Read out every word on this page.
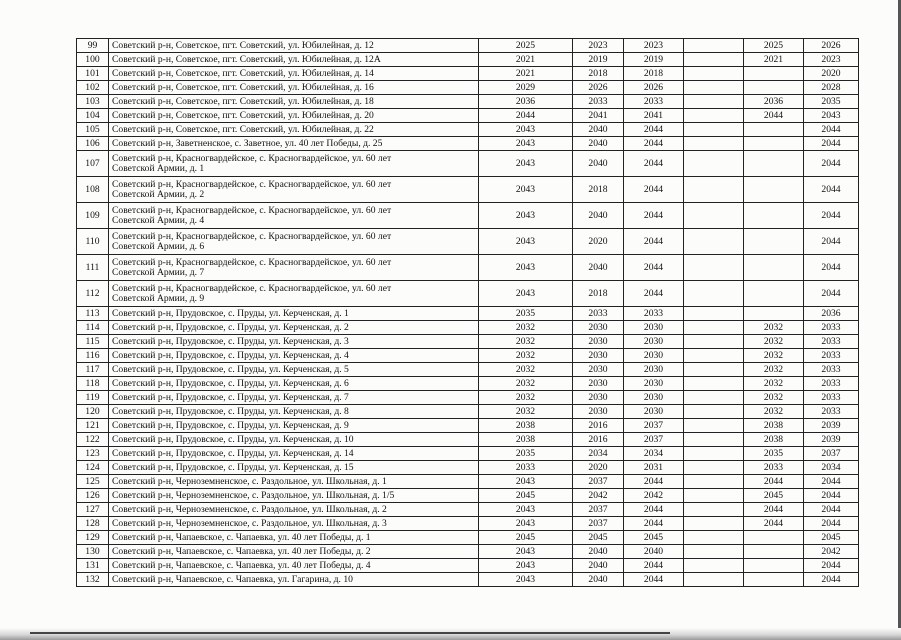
99	Советский р-н, Советское, пгт. Советский, ул. Юбилейная, д. 12	2025	2023	2023		2025	2026
100	Советский р-н, Советское, пгт. Советский, ул. Юбилейная, д. 12А	2021	2019	2019		2021	2023
101	Советский р-н, Советское, пгт. Советский, ул. Юбилейная, д. 14	2021	2018	2018			2020
102	Советский р-н, Советское, пгт. Советский, ул. Юбилейная, д. 16	2029	2026	2026			2028
103	Советский р-н, Советское, пгт. Советский, ул. Юбилейная, д. 18	2036	2033	2033		2036	2035
104	Советский р-н, Советское, пгт. Советский, ул. Юбилейная, д. 20	2044	2041	2041		2044	2043
105	Советский р-н, Советское, пгт. Советский, ул. Юбилейная, д. 22	2043	2040	2044			2044
106	Советский р-н, Заветненское, с. Заветное, ул. 40 лет Победы, д. 25	2043	2040	2044			2044
107	Советский р-н, Красногвардейское, с. Красногвардейское, ул. 60 лет
Советской Армии, д. 1	2043	2040	2044			2044
108	Советский р-н, Красногвардейское, с. Красногвардейское, ул. 60 лет
Советской Армии, д. 2	2043	2018	2044			2044
109	Советский р-н, Красногвардейское, с. Красногвардейское, ул. 60 лет
Советской Армии, д. 4	2043	2040	2044			2044
110	Советский р-н, Красногвардейское, с. Красногвардейское, ул. 60 лет
Советской Армии, д. 6	2043	2020	2044			2044
111	Советский р-н, Красногвардейское, с. Красногвардейское, ул. 60 лет
Советской Армии, д. 7	2043	2040	2044			2044
112	Советский р-н, Красногвардейское, с. Красногвардейское, ул. 60 лет
Советской Армии, д. 9	2043	2018	2044			2044
113	Советский р-н, Прудовское, с. Пруды, ул. Керченская, д. 1	2035	2033	2033			2036
114	Советский р-н, Прудовское, с. Пруды, ул. Керченская, д. 2	2032	2030	2030		2032	2033
115	Советский р-н, Прудовское, с. Пруды, ул. Керченская, д. 3	2032	2030	2030		2032	2033
116	Советский р-н, Прудовское, с. Пруды, ул. Керченская, д. 4	2032	2030	2030		2032	2033
117	Советский р-н, Прудовское, с. Пруды, ул. Керченская, д. 5	2032	2030	2030		2032	2033
118	Советский р-н, Прудовское, с. Пруды, ул. Керченская, д. 6	2032	2030	2030		2032	2033
119	Советский р-н, Прудовское, с. Пруды, ул. Керченская, д. 7	2032	2030	2030		2032	2033
120	Советский р-н, Прудовское, с. Пруды, ул. Керченская, д. 8	2032	2030	2030		2032	2033
121	Советский р-н, Прудовское, с. Пруды, ул. Керченская, д. 9	2038	2016	2037		2038	2039
122	Советский р-н, Прудовское, с. Пруды, ул. Керченская, д. 10	2038	2016	2037		2038	2039
123	Советский р-н, Прудовское, с. Пруды, ул. Керченская, д. 14	2035	2034	2034		2035	2037
124	Советский р-н, Прудовское, с. Пруды, ул. Керченская, д. 15	2033	2020	2031		2033	2034
125	Советский р-н, Черноземненское, с. Раздольное, ул. Школьная, д. 1	2043	2037	2044		2044	2044
126	Советский р-н, Черноземненское, с. Раздольное, ул. Школьная, д. 1/5	2045	2042	2042		2045	2044
127	Советский р-н, Черноземненское, с. Раздольное, ул. Школьная, д. 2	2043	2037	2044		2044	2044
128	Советский р-н, Черноземненское, с. Раздольное, ул. Школьная, д. 3	2043	2037	2044		2044	2044
129	Советский р-н, Чапаевское, с. Чапаевка, ул. 40 лет Победы, д. 1	2045	2045	2045			2045
130	Советский р-н, Чапаевское, с. Чапаевка, ул. 40 лет Победы, д. 2	2043	2040	2040			2042
131	Советский р-н, Чапаевское, с. Чапаевка, ул. 40 лет Победы, д. 4	2043	2040	2044			2044
132	Советский р-н, Чапаевское, с. Чапаевка, ул. Гагарина, д. 10	2043	2040	2044			2044
